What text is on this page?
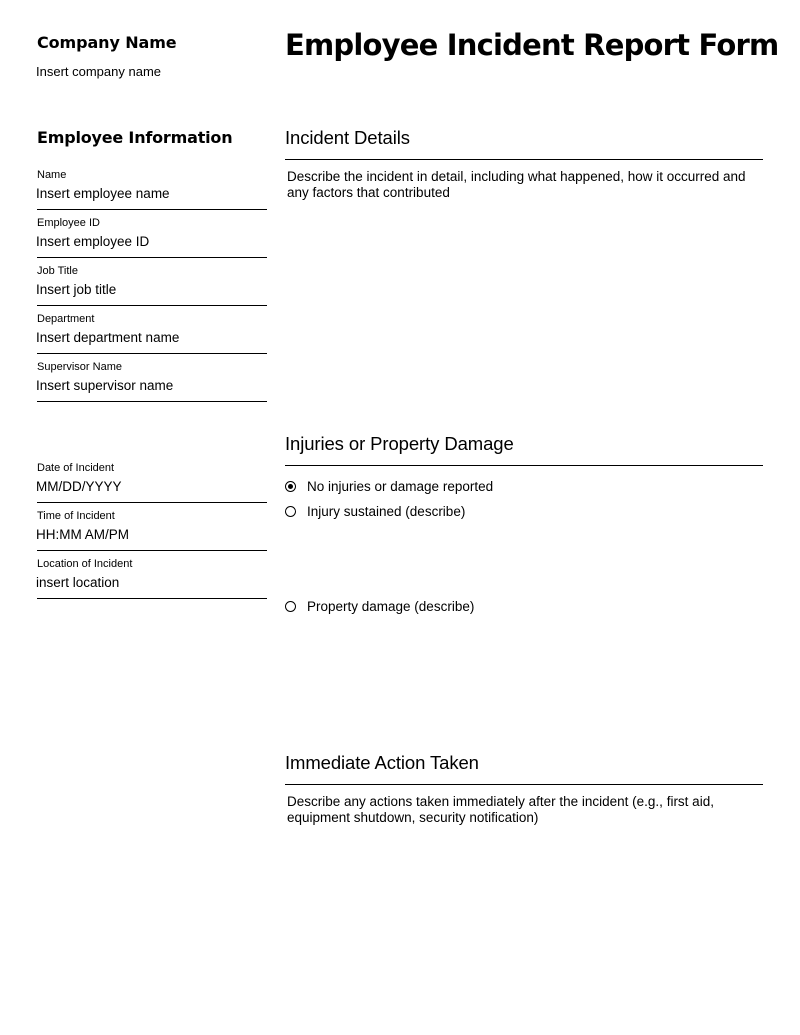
Company Name
Insert company name
Employee Incident Report Form
Employee Information
Name
Insert employee name
Employee ID
Insert employee ID
Job Title
Insert job title
Department
Insert department name
Supervisor Name
Insert supervisor name
Date of Incident
MM/DD/YYYY
Time of Incident
HH:MM AM/PM
Location of Incident
insert location
Incident Details
Describe the incident in detail, including what happened, how it occurred and any factors that contributed
Injuries or Property Damage
No injuries or damage reported
Injury sustained (describe)
Property damage (describe)
Immediate Action Taken
Describe any actions taken immediately after the incident (e.g., first aid, equipment shutdown, security notification)
